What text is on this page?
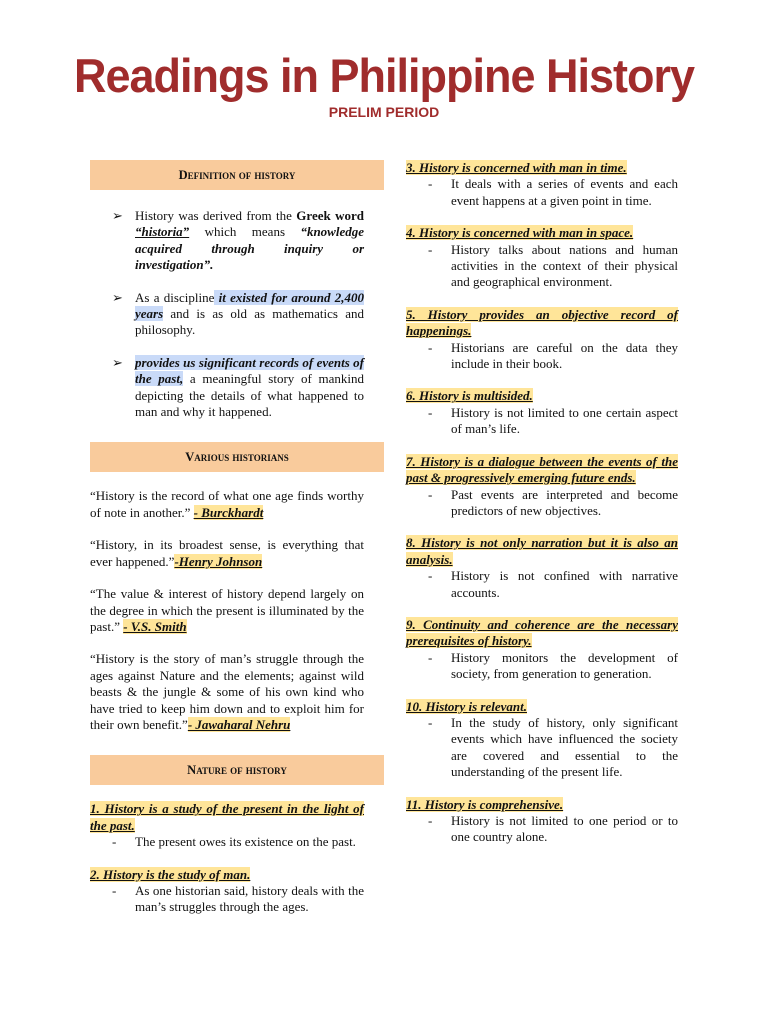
Readings in Philippine History
PRELIM PERIOD
Definition of history
➢ History was derived from the Greek word “historia” which means “knowledge acquired through inquiry or investigation”.
➢ As a discipline it existed for around 2,400 years and is as old as mathematics and philosophy.
➢ provides us significant records of events of the past, a meaningful story of mankind depicting the details of what happened to man and why it happened.
Various historians
“History is the record of what one age finds worthy of note in another.” - Burckhardt
“History, in its broadest sense, is everything that ever happened.”-Henry Johnson
“The value & interest of history depend largely on the degree in which the present is illuminated by the past.” - V.S. Smith
“History is the story of man’s struggle through the ages against Nature and the elements; against wild beasts & the jungle & some of his own kind who have tried to keep him down and to exploit him for their own benefit.”- Jawaharal Nehru
Nature of history
1. History is a study of the present in the light of the past.
- The present owes its existence on the past.
2. History is the study of man.
- As one historian said, history deals with the man’s struggles through the ages.
3. History is concerned with man in time.
- It deals with a series of events and each event happens at a given point in time.
4. History is concerned with man in space.
- History talks about nations and human activities in the context of their physical and geographical environment.
5. History provides an objective record of happenings.
- Historians are careful on the data they include in their book.
6. History is multisided.
- History is not limited to one certain aspect of man’s life.
7. History is a dialogue between the events of the past & progressively emerging future ends.
- Past events are interpreted and become predictors of new objectives.
8. History is not only narration but it is also an analysis.
- History is not confined with narrative accounts.
9. Continuity and coherence are the necessary prerequisites of history.
- History monitors the development of society, from generation to generation.
10. History is relevant.
- In the study of history, only significant events which have influenced the society are covered and essential to the understanding of the present life.
11. History is comprehensive.
- History is not limited to one period or to one country alone.
